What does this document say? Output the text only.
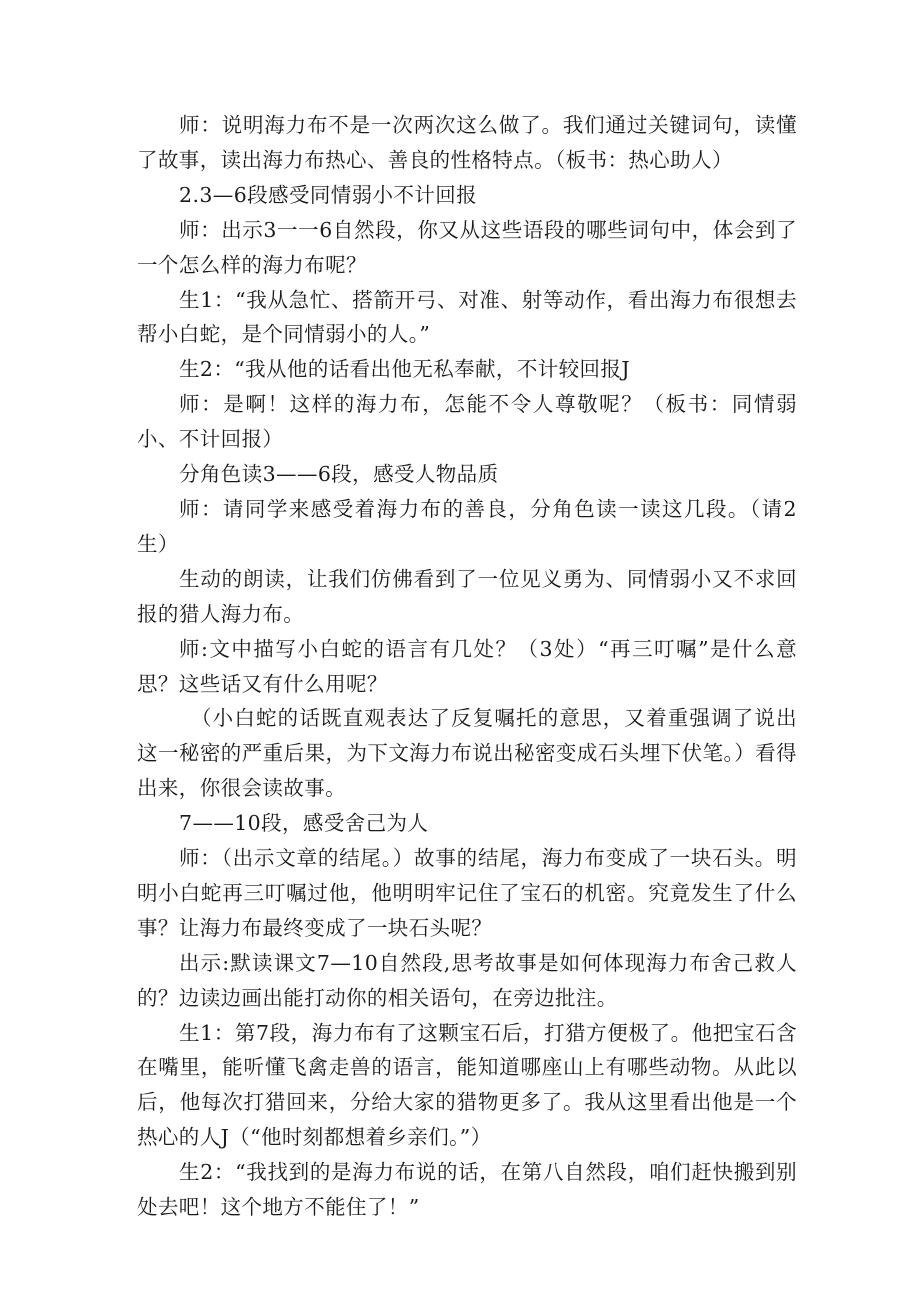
师：说明海力布不是一次两次这么做了。我们通过关键词句，读懂了故事，读出海力布热心、善良的性格特点。（板书：热心助人）

2.3—6段感受同情弱小不计回报

师：出示3一一6自然段，你又从这些语段的哪些词句中，体会到了一个怎么样的海力布呢？

生1：“我从急忙、搭箭开弓、对准、射等动作，看出海力布很想去帮小白蛇，是个同情弱小的人。”

生2：“我从他的话看出他无私奉献，不计较回报J

师：是啊！这样的海力布，怎能不令人尊敬呢？（板书：同情弱小、不计回报）

分角色读3——6段，感受人物品质

师：请同学来感受着海力布的善良，分角色读一读这几段。（请2生）

生动的朗读，让我们仿佛看到了一位见义勇为、同情弱小又不求回报的猎人海力布。

师:文中描写小白蛇的语言有几处？（3处）“再三叮嘱”是什么意思？这些话又有什么用呢？

（小白蛇的话既直观表达了反复嘱托的意思，又着重强调了说出这一秘密的严重后果，为下文海力布说出秘密变成石头埋下伏笔。）看得出来，你很会读故事。

7——10段，感受舍己为人

师：（出示文章的结尾。）故事的结尾，海力布变成了一块石头。明明小白蛇再三叮嘱过他，他明明牢记住了宝石的机密。究竟发生了什么事？让海力布最终变成了一块石头呢？

出示:默读课文7—10自然段,思考故事是如何体现海力布舍己救人的？边读边画出能打动你的相关语句，在旁边批注。

生1：第7段，海力布有了这颗宝石后，打猎方便极了。他把宝石含在嘴里，能听懂飞禽走兽的语言，能知道哪座山上有哪些动物。从此以后，他每次打猎回来，分给大家的猎物更多了。我从这里看出他是一个热心的人J（“他时刻都想着乡亲们。”）

生2：“我找到的是海力布说的话，在第八自然段，咱们赶快搬到别处去吧！这个地方不能住了！”
